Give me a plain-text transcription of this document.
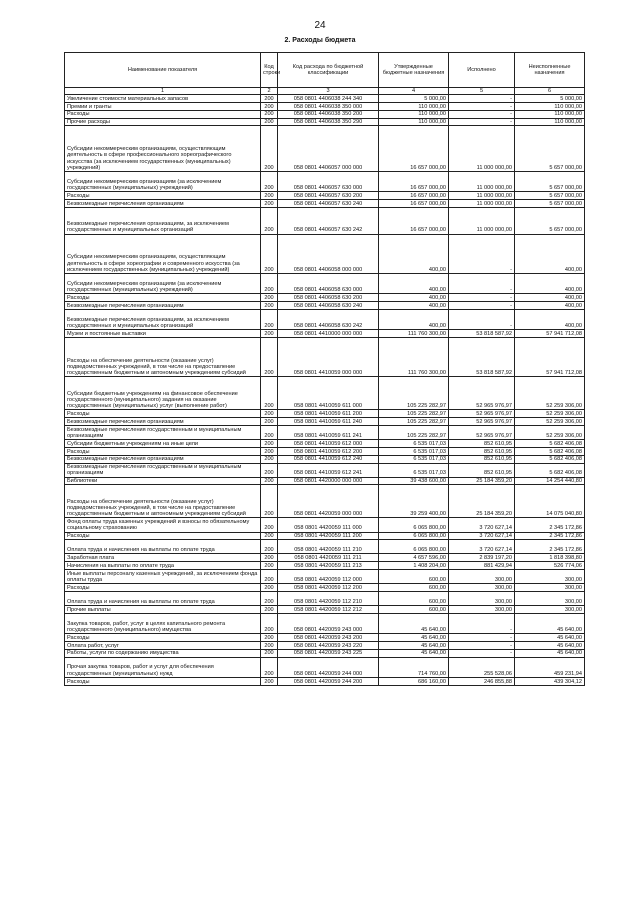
24
2. Расходы бюджета
Наименование показателя	Код строки	Код расхода по бюджетной классификации	Утвержденные бюджетные назначения	Исполнено	Неисполненные назначения
1	2	3	4	5	6
Увеличение стоимости материальных запасов	200	058 0801 4406038 244 340	5 000,00	-	5 000,00
Премии и гранты	200	058 0801 4406038 350 000	110 000,00	-	110 000,00
Расходы	200	058 0801 4406038 350 200	110 000,00	-	110 000,00
Прочие расходы	200	058 0801 4406038 350 290	110 000,00	-	110 000,00
Субсидии некоммерческим организациям, осуществляющим деятельность в сфере профессионального хореографического искусства (за исключением государственных (муниципальных) учреждений)	200	058 0801 4406057 000 000	16 657 000,00	11 000 000,00	5 657 000,00
Субсидии некоммерческим организациям (за исключением государственных (муниципальных) учреждений)	200	058 0801 4406057 630 000	16 657 000,00	11 000 000,00	5 657 000,00
Расходы	200	058 0801 4406057 630 200	16 657 000,00	11 000 000,00	5 657 000,00
Безвозмездные перечисления организациям	200	058 0801 4406057 630 240	16 657 000,00	11 000 000,00	5 657 000,00
Безвозмездные перечисления организациям, за исключением государственных и муниципальных организаций	200	058 0801 4406057 630 242	16 657 000,00	11 000 000,00	5 657 000,00
Субсидии некоммерческим организациям, осуществляющим деятельность в сфере хореографии и современного искусства (за исключением государственных (муниципальных) учреждений)	200	058 0801 4406058 000 000	400,00	-	400,00
Субсидии некоммерческим организациям (за исключением государственных (муниципальных) учреждений)	200	058 0801 4406058 630 000	400,00	-	400,00
Расходы	200	058 0801 4406058 630 200	400,00	-	400,00
Безвозмездные перечисления организациям	200	058 0801 4406058 630 240	400,00	-	400,00
Безвозмездные перечисления организациям, за исключением государственных и муниципальных организаций	200	058 0801 4406058 630 242	400,00	-	400,00
Музеи и постоянные выставки	200	058 0801 4410000 000 000	111 760 300,00	53 818 587,92	57 941 712,08
Расходы на обеспечение деятельности (оказание услуг) подведомственных учреждений, в том числе на предоставление государственным бюджетным и автономным учреждениям субсидий	200	058 0801 4410059 000 000	111 760 300,00	53 818 587,92	57 941 712,08
Субсидии бюджетным учреждениям на финансовое обеспечение государственного (муниципального) задания на оказание государственных (муниципальных) услуг (выполнение работ)	200	058 0801 4410059 611 000	105 225 282,97	52 965 976,97	52 259 306,00
Расходы	200	058 0801 4410059 611 200	105 225 282,97	52 965 976,97	52 259 306,00
Безвозмездные перечисления организациям	200	058 0801 4410059 611 240	105 225 282,97	52 965 976,97	52 259 306,00
Безвозмездные перечисления государственным и муниципальным организациям	200	058 0801 4410059 611 241	105 225 282,97	52 965 976,97	52 259 306,00
Субсидии бюджетным учреждениям на иные цели	200	058 0801 4410059 612 000	6 535 017,03	852 610,95	5 682 406,08
Расходы	200	058 0801 4410059 612 200	6 535 017,03	852 610,95	5 682 406,08
Безвозмездные перечисления организациям	200	058 0801 4410059 612 240	6 535 017,03	852 610,95	5 682 406,08
Безвозмездные перечисления государственным и муниципальным организациям	200	058 0801 4410059 612 241	6 535 017,03	852 610,95	5 682 406,08
Библиотеки	200	058 0801 4420000 000 000	39 438 600,00	25 184 359,20	14 254 440,80
Расходы на обеспечение деятельности (оказание услуг) подведомственных учреждений, в том числе на предоставление государственным бюджетным и автономным учреждениям субсидий	200	058 0801 4420059 000 000	39 259 400,00	25 184 359,20	14 075 040,80
Фонд оплаты труда казенных учреждений и взносы по обязательному социальному страхованию	200	058 0801 4420059 111 000	6 065 800,00	3 720 627,14	2 345 172,86
Расходы	200	058 0801 4420059 111 200	6 065 800,00	3 720 627,14	2 345 172,86
Оплата труда и начисления на выплаты по оплате труда	200	058 0801 4420059 111 210	6 065 800,00	3 720 627,14	2 345 172,86
Заработная плата	200	058 0801 4420059 111 211	4 657 596,00	2 839 197,20	1 818 398,80
Начисления на выплаты по оплате труда	200	058 0801 4420059 111 213	1 408 204,00	881 429,94	526 774,06
Иные выплаты персоналу казенных учреждений, за исключением фонда оплаты труда	200	058 0801 4420059 112 000	600,00	300,00	300,00
Расходы	200	058 0801 4420059 112 200	600,00	300,00	300,00
Оплата труда и начисления на выплаты по оплате труда	200	058 0801 4420059 112 210	600,00	300,00	300,00
Прочие выплаты	200	058 0801 4420059 112 212	600,00	300,00	300,00
Закупка товаров, работ, услуг в целях капитального ремонта государственного (муниципального) имущества	200	058 0801 4420059 243 000	45 640,00	-	45 640,00
Расходы	200	058 0801 4420059 243 200	45 640,00	-	45 640,00
Оплата работ, услуг	200	058 0801 4420059 243 220	45 640,00	-	45 640,00
Работы, услуги по содержанию имущества	200	058 0801 4420059 243 225	45 640,00	-	45 640,00
Прочая закупка товаров, работ и услуг для обеспечения государственных (муниципальных) нужд	200	058 0801 4420059 244 000	714 760,00	255 528,06	459 231,94
Расходы	200	058 0801 4420059 244 200	686 160,00	246 855,88	439 304,12
